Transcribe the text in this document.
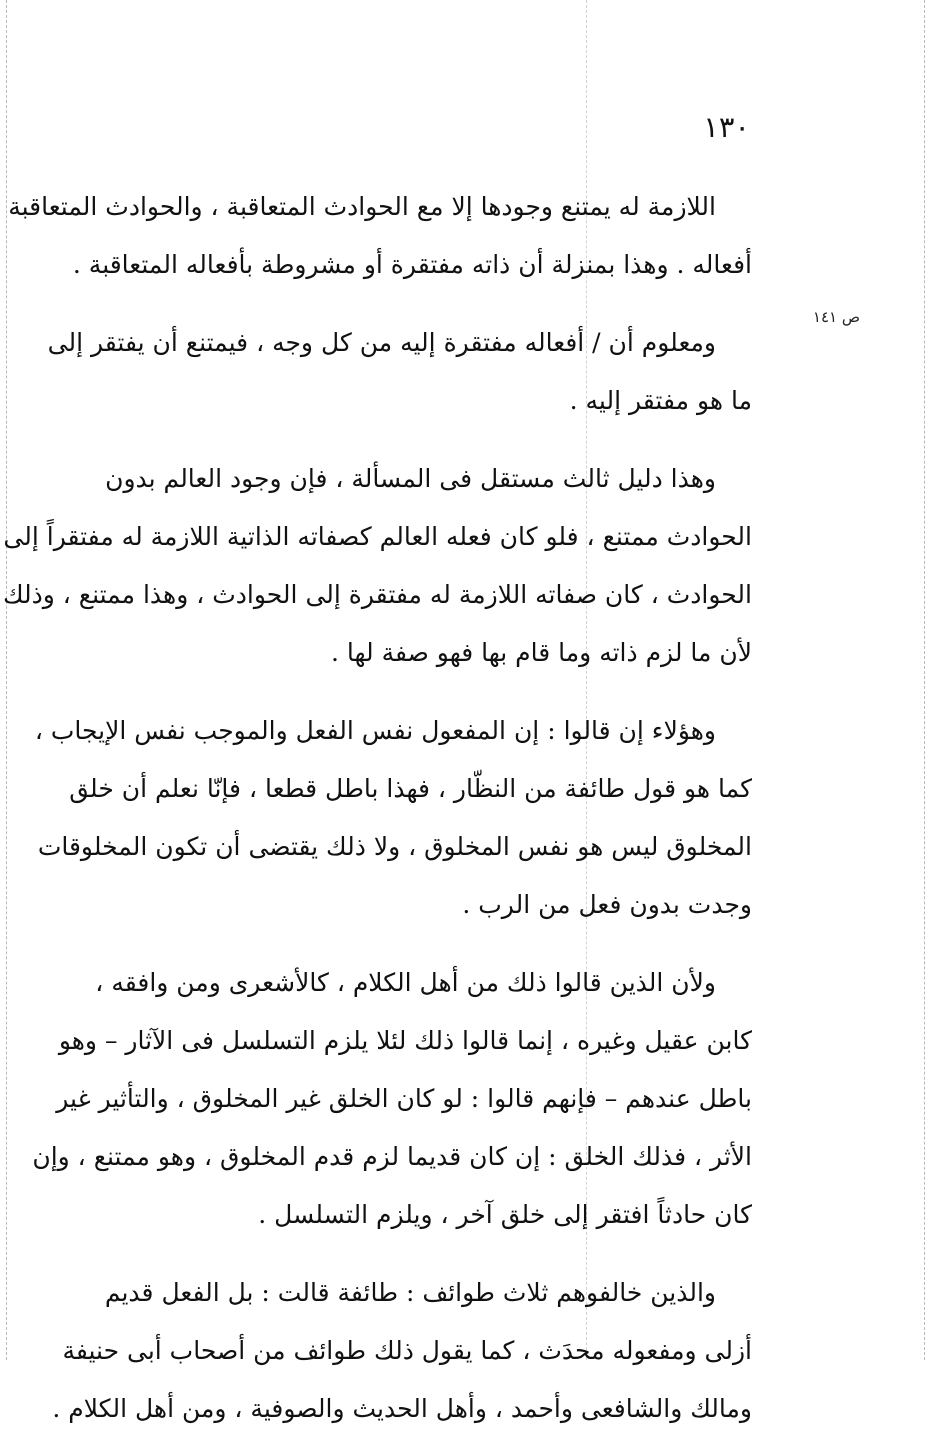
١٣٠
ص ١٤١
اللازمة له يمتنع وجودها إلا مع الحوادث المتعاقبة ، والحوادث المتعاقبة
أفعاله . وهذا بمنزلة أن ذاته مفتقرة أو مشروطة بأفعاله المتعاقبة .
ومعلوم أن / أفعاله مفتقرة إليه من كل وجه ، فيمتنع أن يفتقر إلى
ما هو مفتقر إليه .
وهذا دليل ثالث مستقل فى المسألة ، فإن وجود العالم بدون
الحوادث ممتنع ، فلو كان فعله العالم كصفاته الذاتية اللازمة له مفتقراً إلى
الحوادث ، كان صفاته اللازمة له مفتقرة إلى الحوادث ، وهذا ممتنع ، وذلك
لأن ما لزم ذاته وما قام بها فهو صفة لها .
وهؤلاء إن قالوا : إن المفعول نفس الفعل والموجب نفس الإيجاب ،
كما هو قول طائفة من النظّار ، فهذا باطل قطعا ، فإنّا نعلم أن خلق
المخلوق ليس هو نفس المخلوق ، ولا ذلك يقتضى أن تكون المخلوقات
وجدت بدون فعل من الرب .
ولأن الذين قالوا ذلك من أهل الكلام ، كالأشعرى ومن وافقه ،
كابن عقيل وغيره ، إنما قالوا ذلك لئلا يلزم التسلسل فى الآثار – وهو
باطل عندهم – فإنهم قالوا : لو كان الخلق غير المخلوق ، والتأثير غير
الأثر ، فذلك الخلق : إن كان قديما لزم قدم المخلوق ، وهو ممتنع ، وإن
كان حادثاً افتقر إلى خلق آخر ، ويلزم التسلسل .
والذين خالفوهم ثلاث طوائف : طائفة قالت : بل الفعل قديم
أزلى ومفعوله محدَث ، كما يقول ذلك طوائف من أصحاب أبى حنيفة
ومالك والشافعى وأحمد ، وأهل الحديث والصوفية ، ومن أهل الكلام .
